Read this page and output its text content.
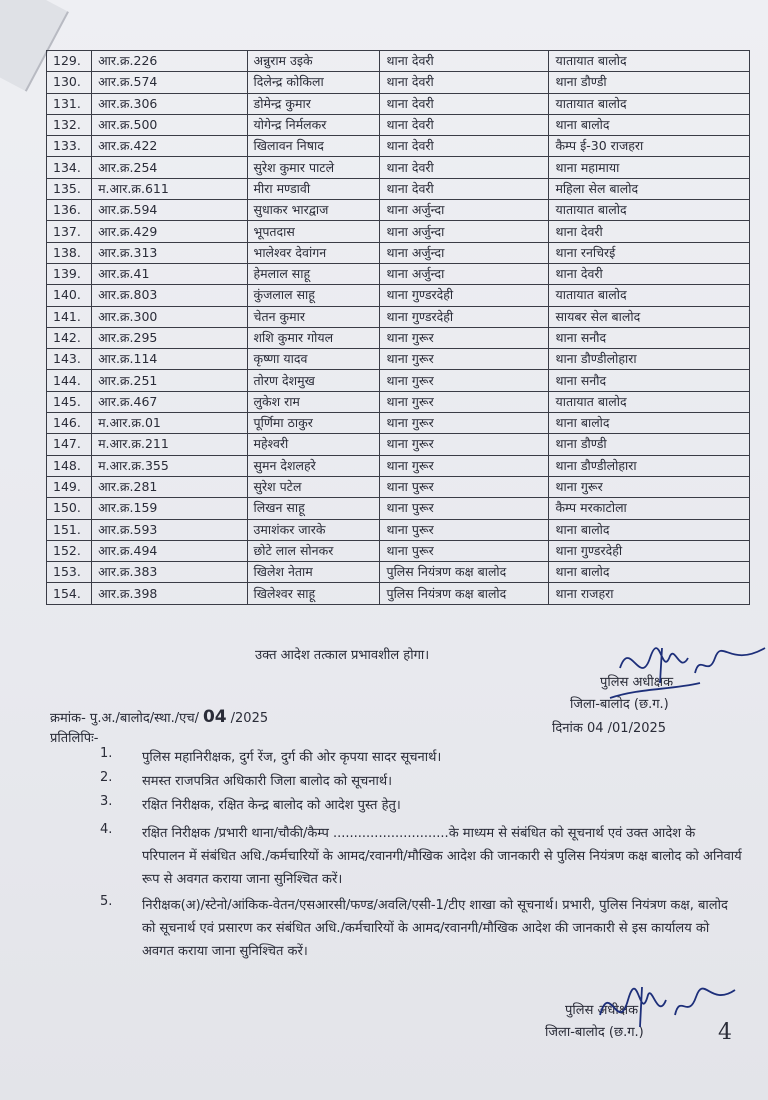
129.	आर.क्र.226	अन्नुराम उइके	थाना देवरी	यातायात बालोद
130.	आर.क्र.574	दिलेन्द्र कोकिला	थाना देवरी	थाना डौण्डी
131.	आर.क्र.306	डोमेन्द्र कुमार	थाना देवरी	यातायात बालोद
132.	आर.क्र.500	योगेन्द्र निर्मलकर	थाना देवरी	थाना बालोद
133.	आर.क्र.422	खिलावन निषाद	थाना देवरी	कैम्प ई-30 राजहरा
134.	आर.क्र.254	सुरेश कुमार पाटले	थाना देवरी	थाना महामाया
135.	म.आर.क्र.611	मीरा मण्डावी	थाना देवरी	महिला सेल बालोद
136.	आर.क्र.594	सुधाकर भारद्वाज	थाना अर्जुन्दा	यातायात बालोद
137.	आर.क्र.429	भूपतदास	थाना अर्जुन्दा	थाना देवरी
138.	आर.क्र.313	भालेश्वर देवांगन	थाना अर्जुन्दा	थाना रनचिरई
139.	आर.क्र.41	हेमलाल साहू	थाना अर्जुन्दा	थाना देवरी
140.	आर.क्र.803	कुंजलाल साहू	थाना गुण्डरदेही	यातायात बालोद
141.	आर.क्र.300	चेतन कुमार	थाना गुण्डरदेही	सायबर सेल बालोद
142.	आर.क्र.295	शशि कुमार गोयल	थाना गुरूर	थाना सनौद
143.	आर.क्र.114	कृष्णा यादव	थाना गुरूर	थाना डौण्डीलोहारा
144.	आर.क्र.251	तोरण देशमुख	थाना गुरूर	थाना सनौद
145.	आर.क्र.467	लुकेश राम	थाना गुरूर	यातायात बालोद
146.	म.आर.क्र.01	पूर्णिमा ठाकुर	थाना गुरूर	थाना बालोद
147.	म.आर.क्र.211	महेश्वरी	थाना गुरूर	थाना डौण्डी
148.	म.आर.क्र.355	सुमन देशलहरे	थाना गुरूर	थाना डौण्डीलोहारा
149.	आर.क्र.281	सुरेश पटेल	थाना पुरूर	थाना गुरूर
150.	आर.क्र.159	लिखन साहू	थाना पुरूर	कैम्प मरकाटोला
151.	आर.क्र.593	उमाशंकर जारके	थाना पुरूर	थाना बालोद
152.	आर.क्र.494	छोटे लाल सोनकर	थाना पुरूर	थाना गुण्डरदेही
153.	आर.क्र.383	खिलेश नेताम	पुलिस नियंत्रण कक्ष बालोद	थाना बालोद
154.	आर.क्र.398	खिलेश्वर साहू	पुलिस नियंत्रण कक्ष बालोद	थाना राजहरा
उक्त आदेश तत्काल प्रभावशील होगा।
पुलिस अधीक्षक
जिला-बालोद (छ.ग.)
दिनांक 04 /01/2025
क्रमांक- पु.अ./बालोद/स्था./एच/ 04 /2025
प्रतिलिपिः-
1. पुलिस महानिरीक्षक, दुर्ग रेंज, दुर्ग की ओर कृपया सादर सूचनार्थ।
2. समस्त राजपत्रित अधिकारी जिला बालोद को सूचनार्थ।
3. रक्षित निरीक्षक, रक्षित केन्द्र बालोद को आदेश पुस्त हेतु।
4. रक्षित निरीक्षक /प्रभारी थाना/चौकी/कैम्प ............................के माध्यम से संबंधित को सूचनार्थ एवं उक्त आदेश के परिपालन में संबंधित अधि./कर्मचारियों के आमद/रवानगी/मौखिक आदेश की जानकारी से पुलिस नियंत्रण कक्ष बालोद को अनिवार्य रूप से अवगत कराया जाना सुनिश्चित करें।
5. निरीक्षक(अ)/स्टेनो/आंकिक-वेतन/एसआरसी/फण्ड/अवलि/एसी-1/टीए शाखा को सूचनार्थ। प्रभारी, पुलिस नियंत्रण कक्ष, बालोद को सूचनार्थ एवं प्रसारण कर संबंधित अधि./कर्मचारियों के आमद/रवानगी/मौखिक आदेश की जानकारी से इस कार्यालय को अवगत कराया जाना सुनिश्चित करें।
पुलिस अधीक्षक
जिला-बालोद (छ.ग.)	4
